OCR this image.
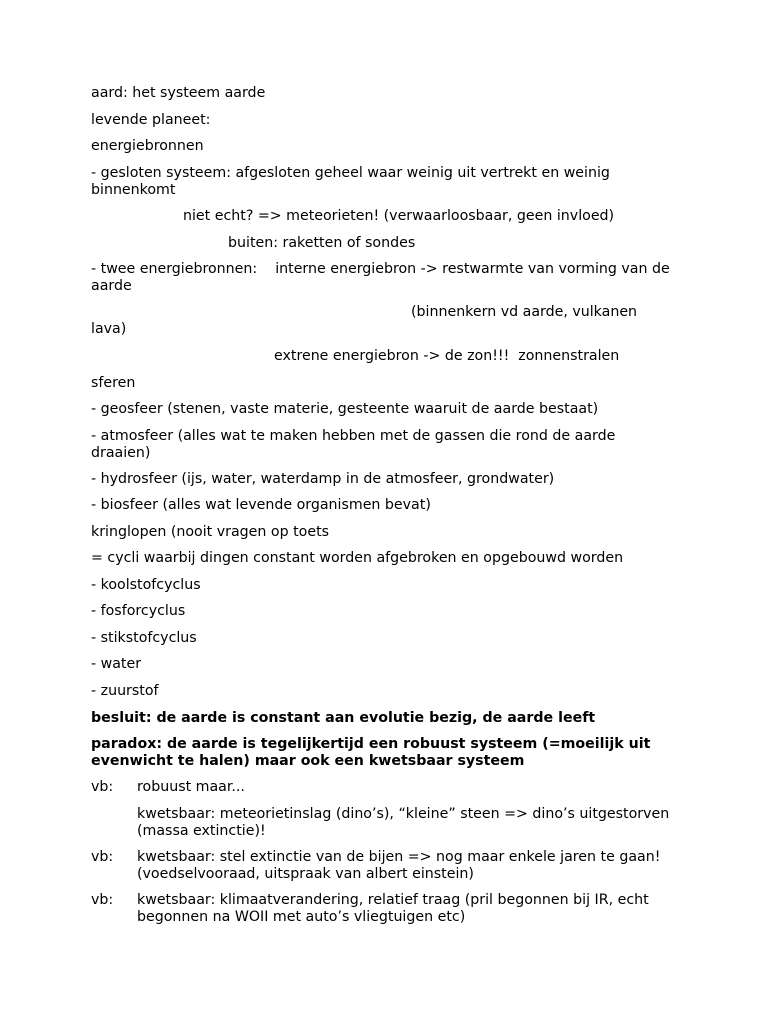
aard: het systeem aarde
levende planeet:
energiebronnen
- gesloten systeem: afgesloten geheel waar weinig uit vertrekt en weinig binnenkomt
niet echt? => meteorieten! (verwaarloosbaar, geen invloed)
buiten: raketten of sondes
- twee energiebronnen:    interne energiebron -> restwarmte van vorming van de aarde
(binnenkern vd aarde, vulkanen
lava)
extrene energiebron -> de zon!!!  zonnenstralen
sferen
- geosfeer (stenen, vaste materie, gesteente waaruit de aarde bestaat)
- atmosfeer (alles wat te maken hebben met de gassen die rond de aarde draaien)
- hydrosfeer (ijs, water, waterdamp in de atmosfeer, grondwater)
- biosfeer (alles wat levende organismen bevat)
kringlopen (nooit vragen op toets
= cycli waarbij dingen constant worden afgebroken en opgebouwd worden
- koolstofcyclus
- fosforcyclus
- stikstofcyclus
- water
- zuurstof
besluit: de aarde is constant aan evolutie bezig, de aarde leeft
paradox: de aarde is tegelijkertijd een robuust systeem (=moeilijk uit evenwicht te halen) maar ook een kwetsbaar systeem
vb: robuust maar...
kwetsbaar: meteorietinslag (dino’s), “kleine” steen => dino’s uitgestorven (massa extinctie)!
vb: kwetsbaar: stel extinctie van de bijen => nog maar enkele jaren te gaan! (voedselvooraad, uitspraak van albert einstein)
vb: kwetsbaar: klimaatverandering, relatief traag (pril begonnen bij IR, echt begonnen na WOII met auto’s vliegtuigen etc)
